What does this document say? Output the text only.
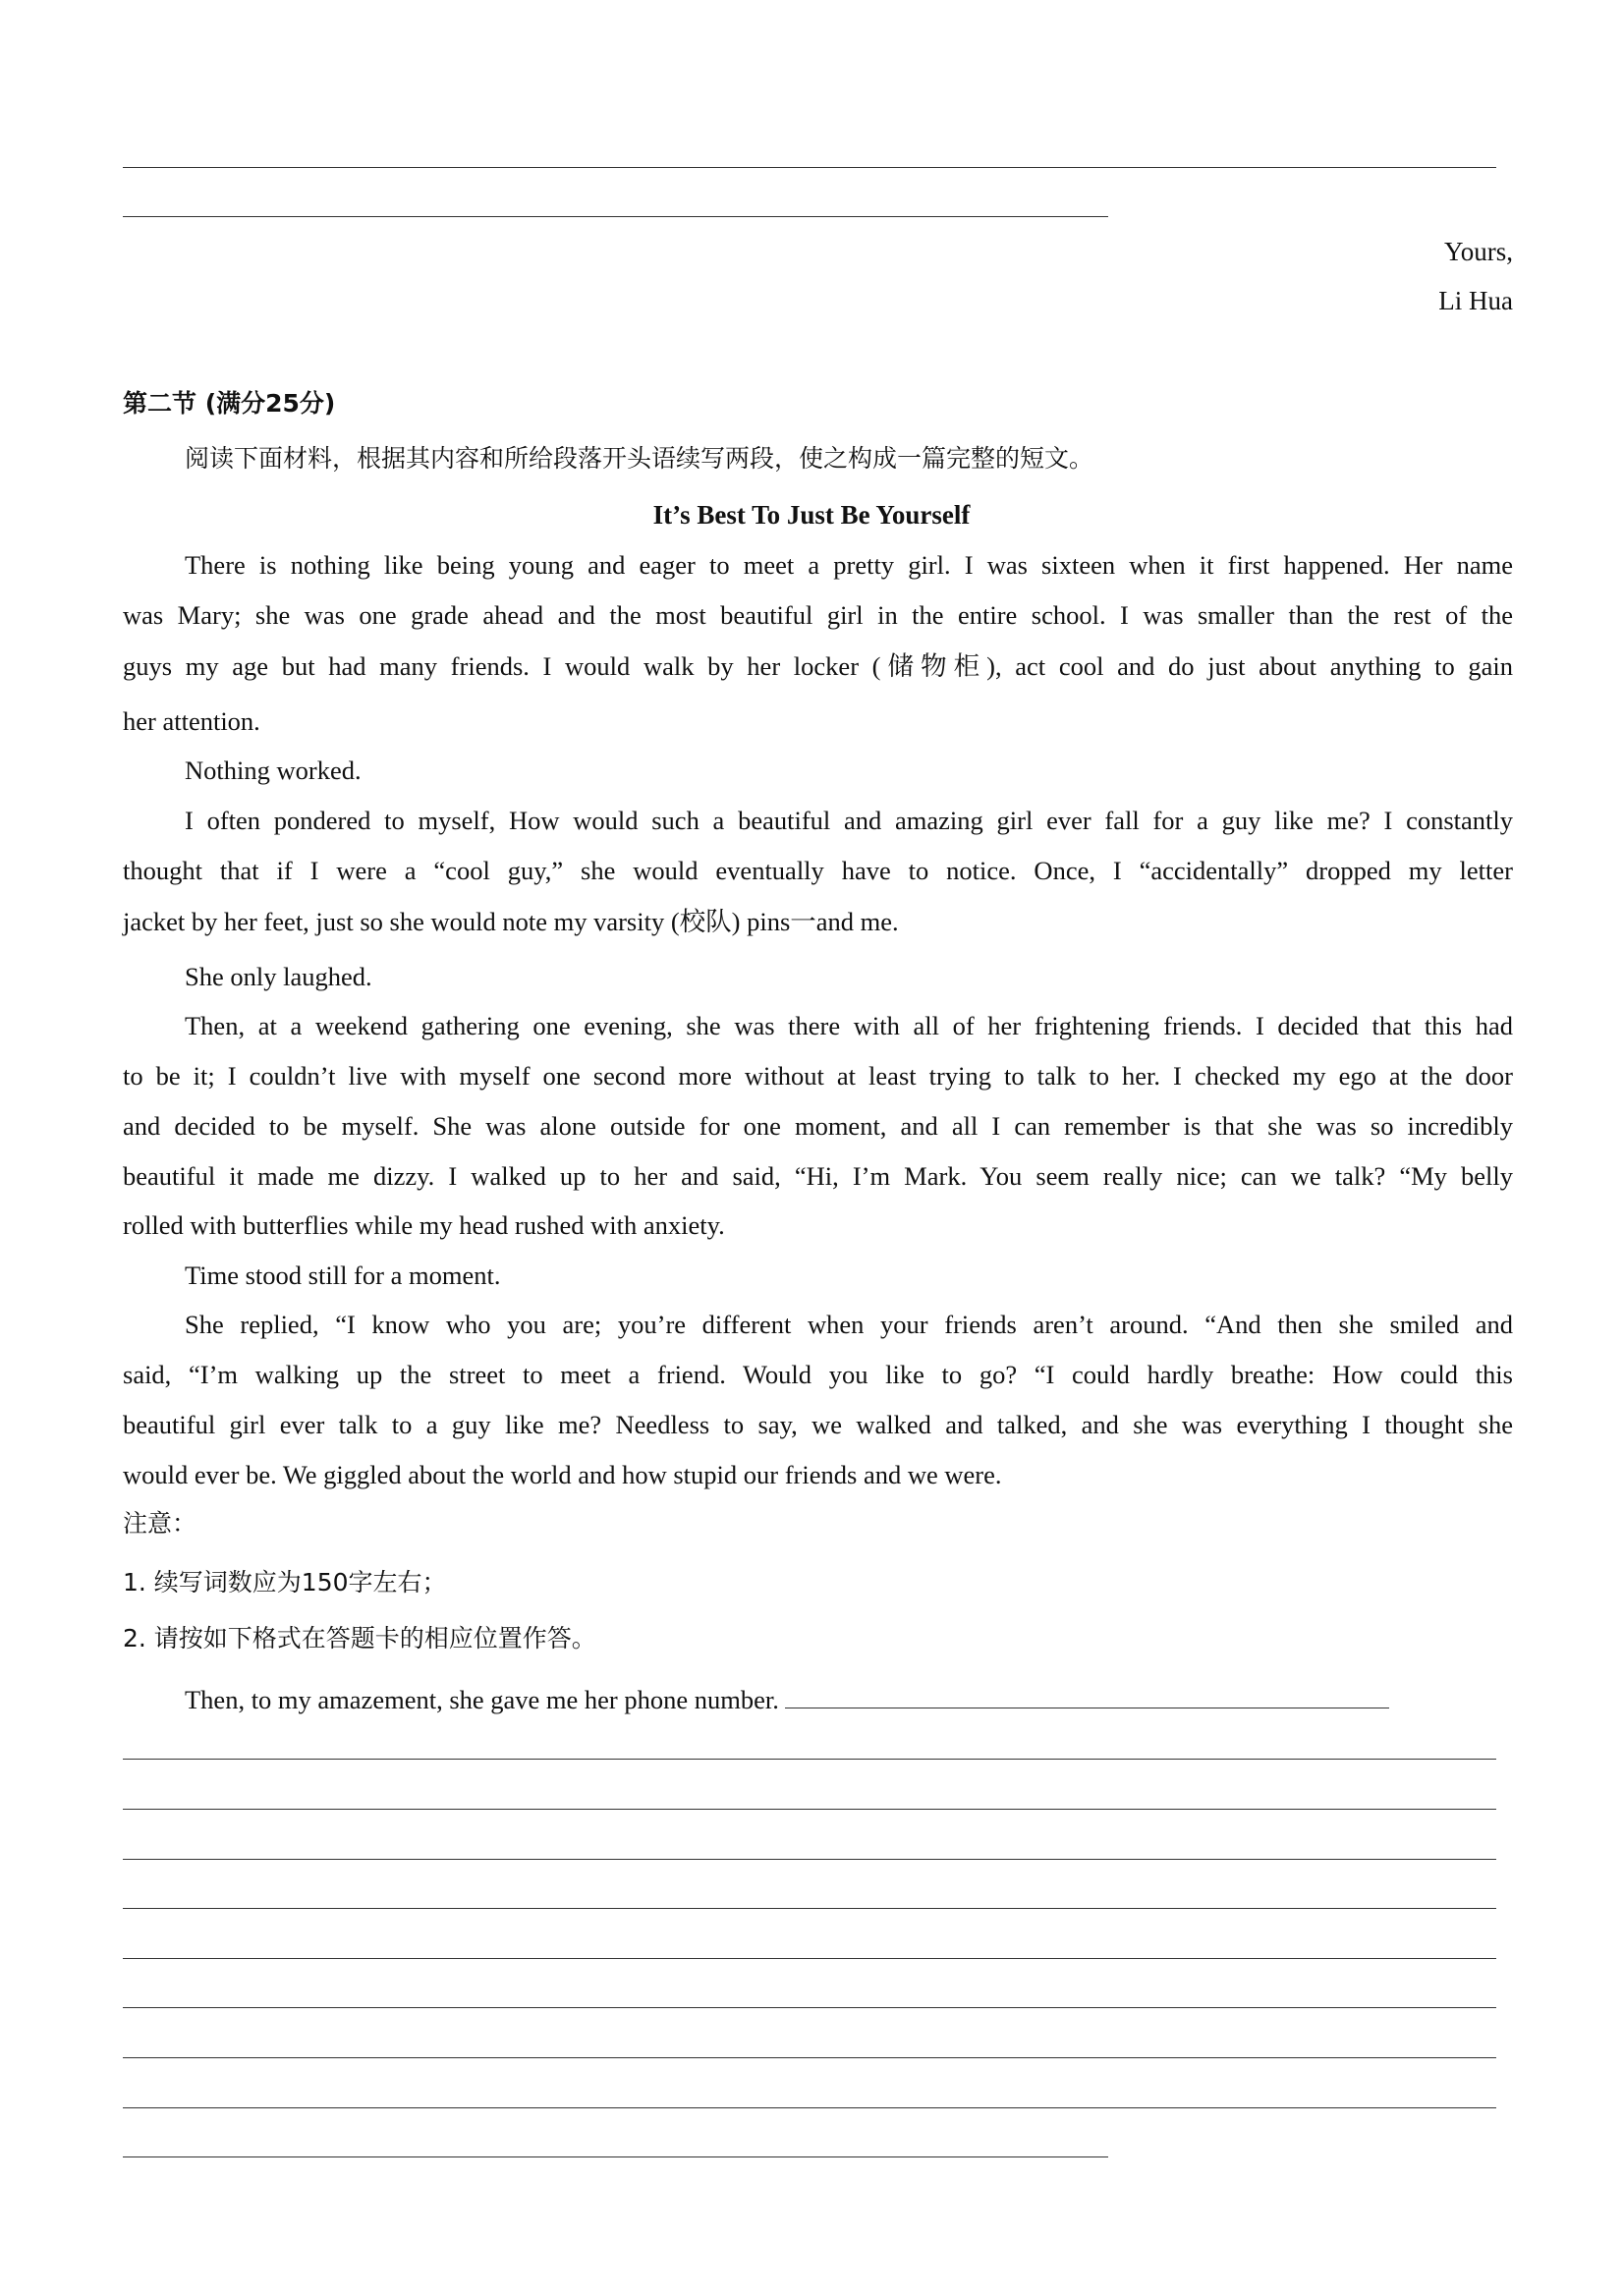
Yours,
Li Hua
第二节 (满分25分)
阅读下面材料，根据其内容和所给段落开头语续写两段，使之构成一篇完整的短文。
It’s Best To Just Be Yourself
There is nothing like being young and eager to meet a pretty girl. I was sixteen when it first happened. Her name
was Mary; she was one grade ahead and the most beautiful girl in the entire school. I was smaller than the rest of the
guys my age but had many friends. I would walk by her locker (储物柜), act cool and do just about anything to gain
her attention.
Nothing worked.
I often pondered to myself, How would such a beautiful and amazing girl ever fall for a guy like me? I constantly
thought that if I were a “cool guy,” she would eventually have to notice. Once, I “accidentally” dropped my letter
jacket by her feet, just so she would note my varsity (校队) pins一and me.
She only laughed.
Then, at a weekend gathering one evening, she was there with all of her frightening friends. I decided that this had
to be it; I couldn’t live with myself one second more without at least trying to talk to her. I checked my ego at the door
and decided to be myself. She was alone outside for one moment, and all I can remember is that she was so incredibly
beautiful it made me dizzy. I walked up to her and said, “Hi, I’m Mark. You seem really nice; can we talk? “My belly
rolled with butterflies while my head rushed with anxiety.
Time stood still for a moment.
She replied, “I know who you are; you’re different when your friends aren’t around. “And then she smiled and
said, “I’m walking up the street to meet a friend. Would you like to go? “I could hardly breathe: How could this
beautiful girl ever talk to a guy like me? Needless to say, we walked and talked, and she was everything I thought she
would ever be. We giggled about the world and how stupid our friends and we were.
注意：
1. 续写词数应为150字左右；
2. 请按如下格式在答题卡的相应位置作答。
Then, to my amazement, she gave me her phone number.
